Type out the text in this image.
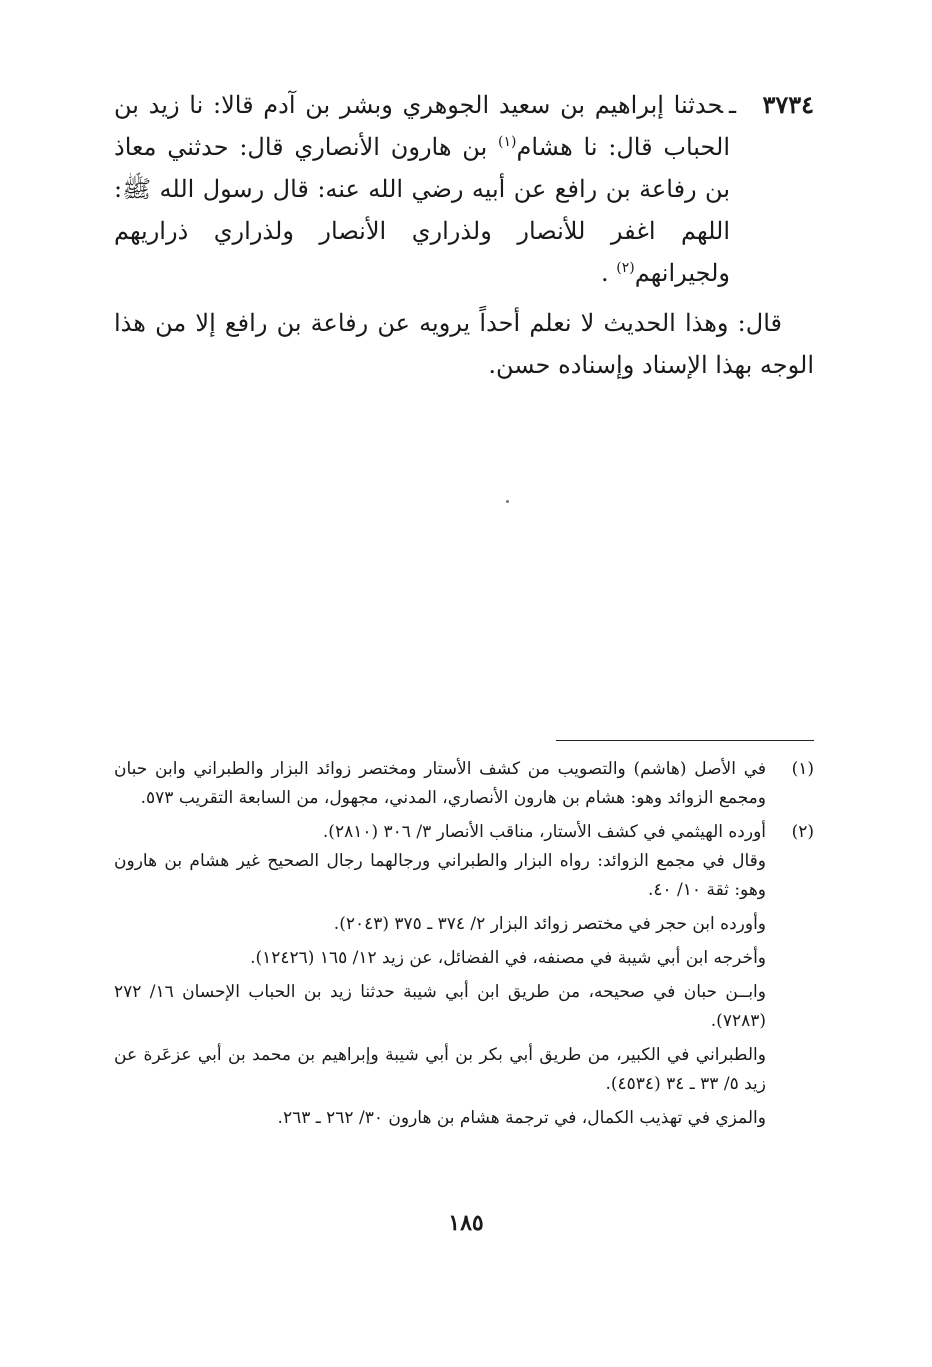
٣٧٣٤ـحدثنا إبراهيم بن سعيد الجوهري وبشر بن آدم قالا: نا زيد بن الحباب قال: نا هشام$^{(١)}$ بن هارون الأنصاري قال: حدثني معاذ بن رفاعة بن رافع عن أبيه رضي الله عنه: قال رسول الله ﷺ: اللهم اغفر للأنصار ولذراري الأنصار ولذراري ذراريهم ولجيرانهم$^{(٢)}$ .

قال: وهذا الحديث لا نعلم أحداً يرويه عن رفاعة بن رافع إلا من هذا الوجه بهذا الإسناد وإسناده حسن.

(١)
في الأصل (هاشم) والتصويب من كشف الأستار ومختصر زوائد البزار والطبراني وابن حبان ومجمع الزوائد وهو: هشام بن هارون الأنصاري، المدني، مجهول، من السابعة التقريب ٥٧٣.
(٢)
أورده الهيثمي في كشف الأستار، مناقب الأنصار ٣/ ٣٠٦ (٢٨١٠).

وقال في مجمع الزوائد: رواه البزار والطبراني ورجالهما رجال الصحيح غير هشام بن هارون وهو: ثقة ١٠/ ٤٠.

وأورده ابن حجر في مختصر زوائد البزار ٢/ ٣٧٤ ـ ٣٧٥ (٢٠٤٣).

وأخرجه ابن أبي شيبة في مصنفه، في الفضائل، عن زيد ١٢/ ١٦٥ (١٢٤٢٦).

وابــن حبان في صحيحه، من طريق ابن أبي شيبة حدثنا زيد بن الحباب الإحسان ١٦/ ٢٧٢ (٧٢٨٣).

والطبراني في الكبير، من طريق أبي بكر بن أبي شيبة وإبراهيم بن محمد بن أبي عزعَرة عن زيد ٥/ ٣٣ ـ ٣٤ (٤٥٣٤).

والمزي في تهذيب الكمال، في ترجمة هشام بن هارون ٣٠/ ٢٦٢ ـ ٢٦٣.

١٨٥
